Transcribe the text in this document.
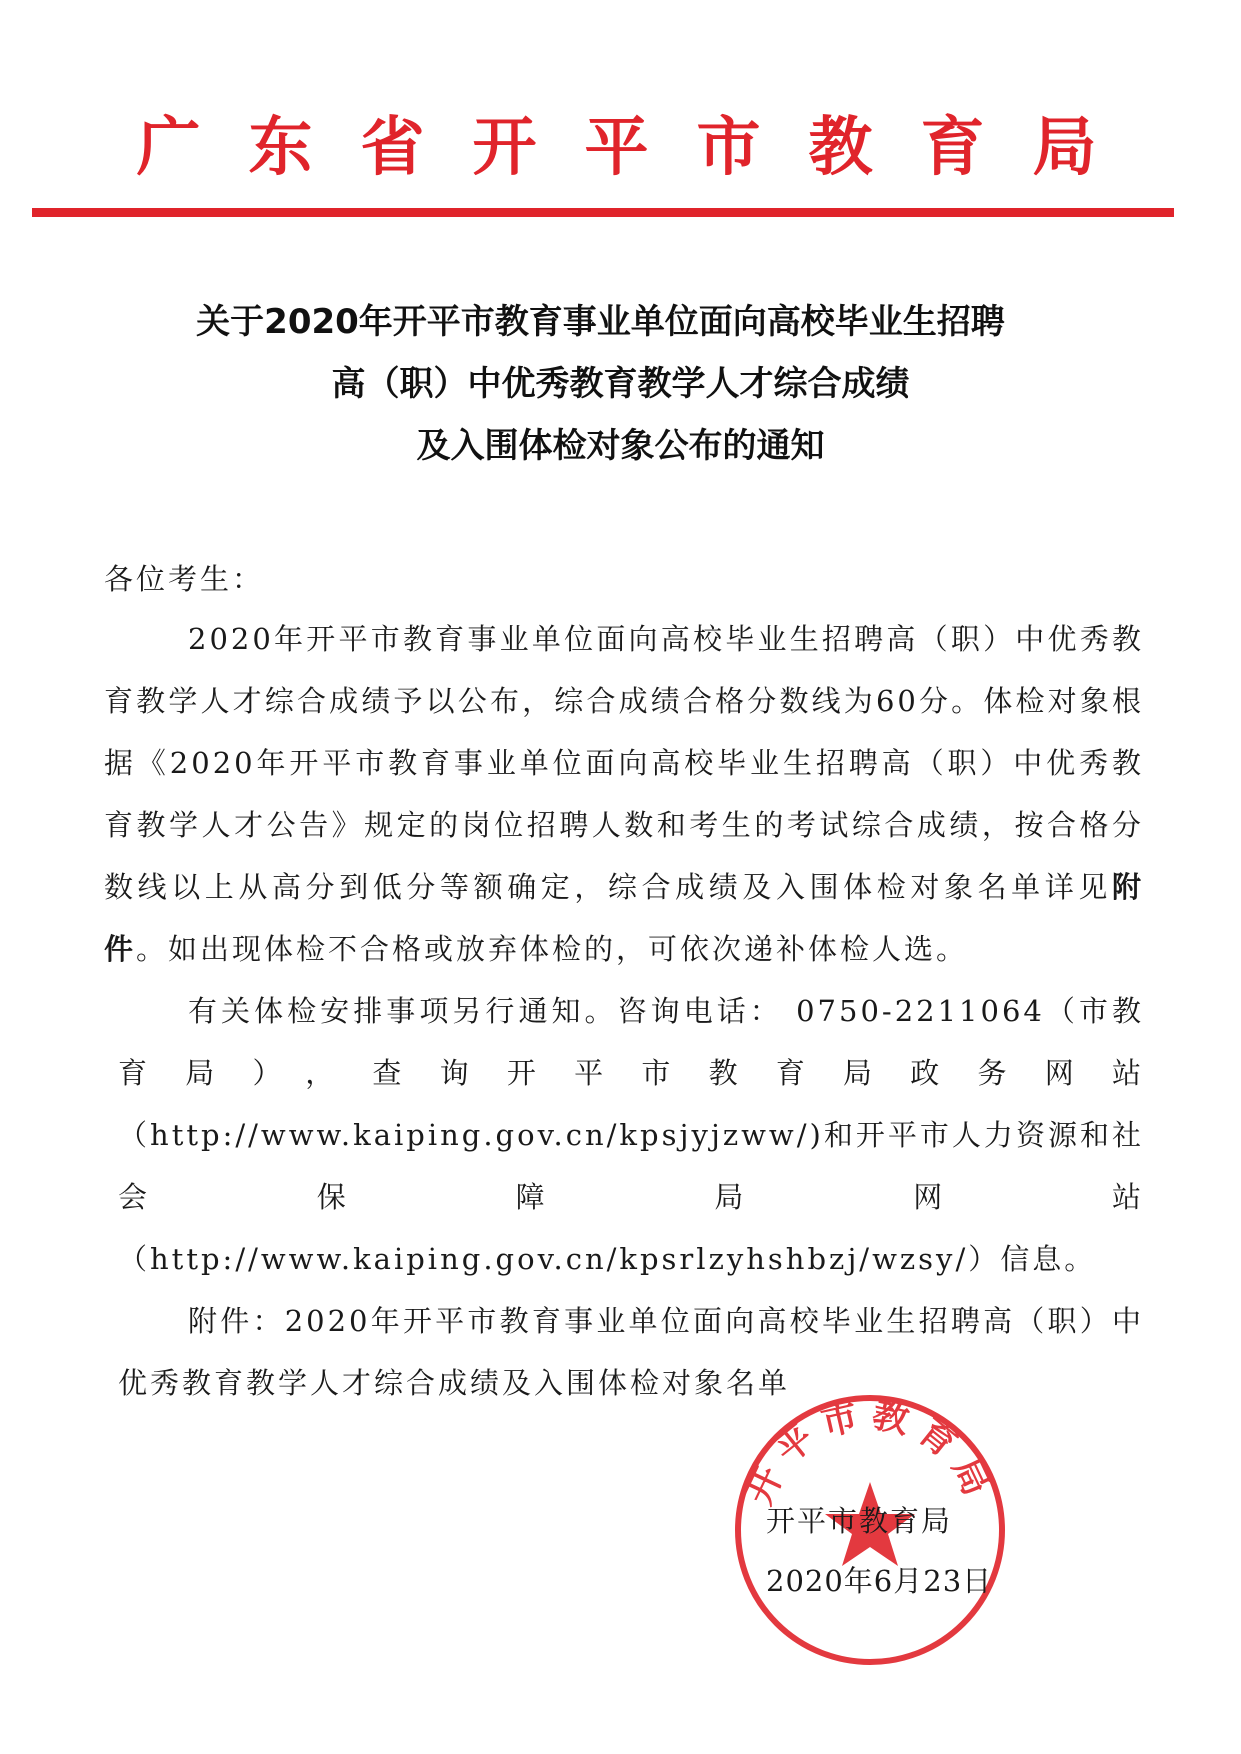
广东省开平市教育局
关于2020年开平市教育事业单位面向高校毕业生招聘
高（职）中优秀教育教学人才综合成绩
及入围体检对象公布的通知
各位考生：
2020年开平市教育事业单位面向高校毕业生招聘高（职）中优秀教育教学人才综合成绩予以公布，综合成绩合格分数线为60分。体检对象根据《2020年开平市教育事业单位面向高校毕业生招聘高（职）中优秀教育教学人才公告》规定的岗位招聘人数和考生的考试综合成绩，按合格分数线以上从高分到低分等额确定，综合成绩及入围体检对象名单详见附件。如出现体检不合格或放弃体检的，可依次递补体检人选。
有关体检安排事项另行通知。咨询电话： 0750-2211064（市教育局），查询开平市教育局政务网站（http://www.kaiping.gov.cn/kpsjyjzww/)和开平市人力资源和社会保障局网站（http://www.kaiping.gov.cn/kpsrlzyhshbzj/wzsy/）信息。
附件：2020年开平市教育事业单位面向高校毕业生招聘高（职）中优秀教育教学人才综合成绩及入围体检对象名单
开平市教育局
开平市教育局
2020年6月23日
